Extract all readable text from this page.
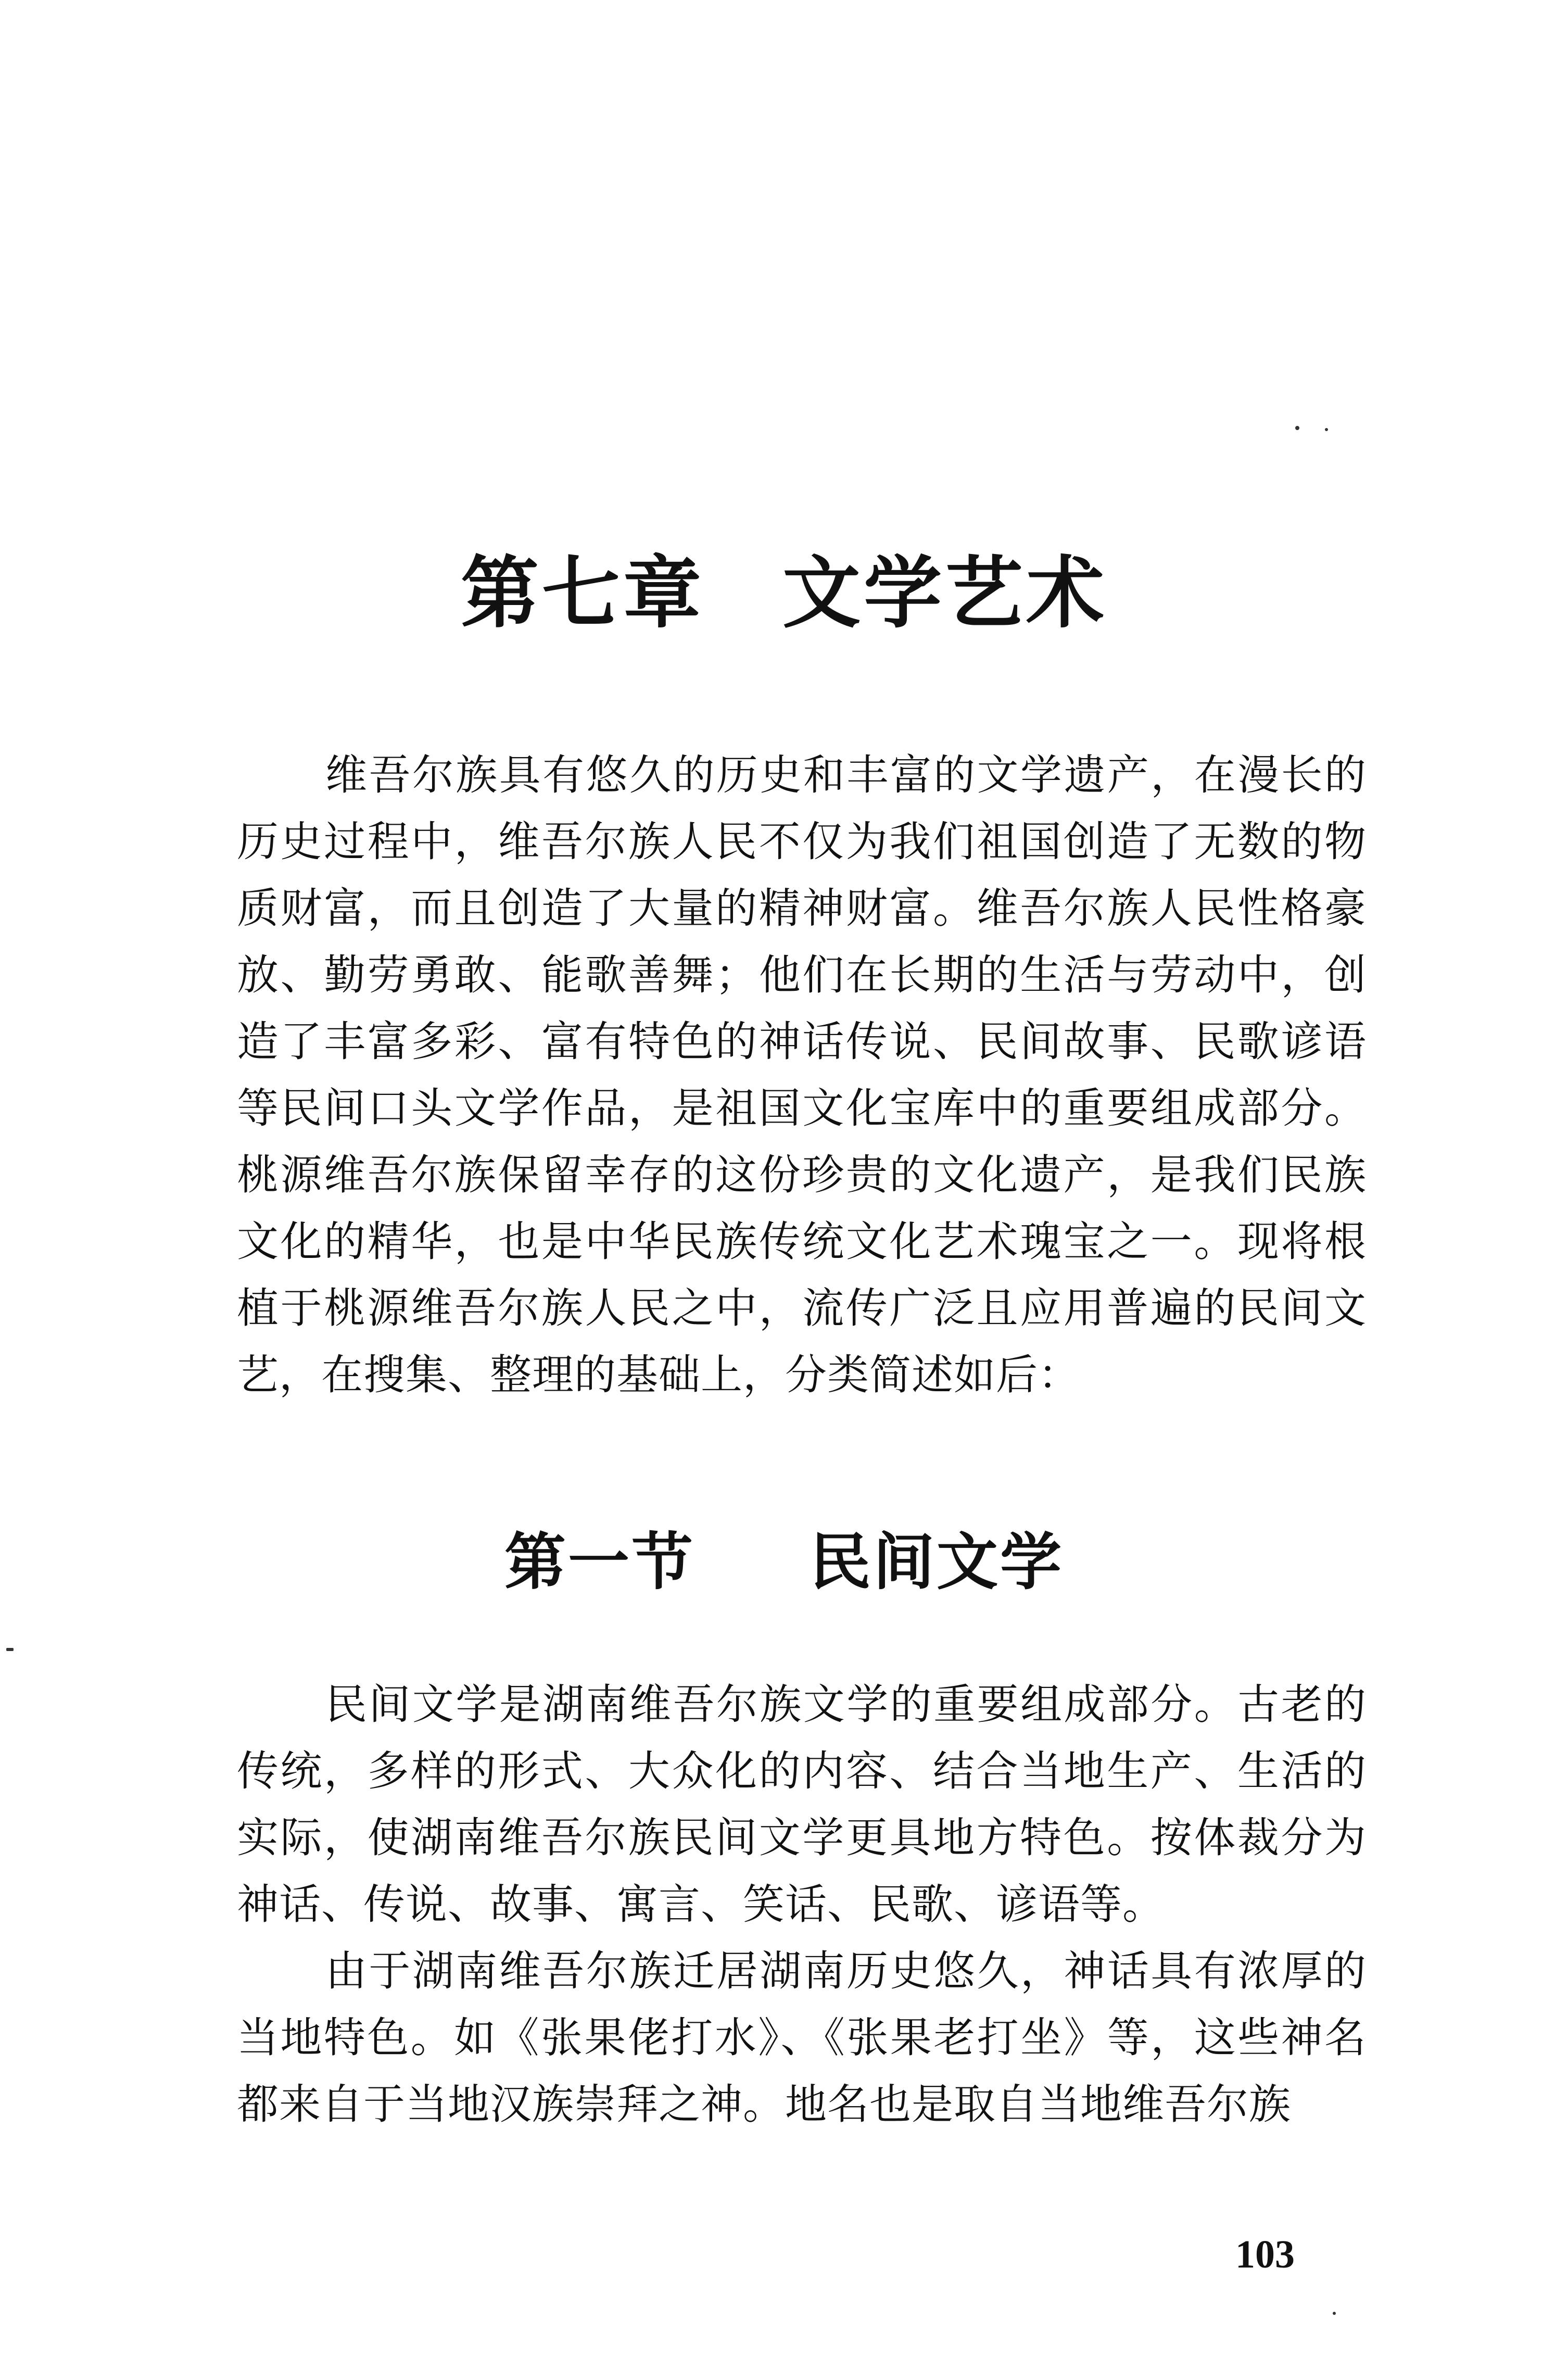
第七章 文学艺术

维吾尔族具有悠久的历史和丰富的文学遗产，在漫长的历史过程中，维吾尔族人民不仅为我们祖国创造了无数的物质财富，而且创造了大量的精神财富。维吾尔族人民性格豪放、勤劳勇敢、能歌善舞；他们在长期的生活与劳动中，创造了丰富多彩、富有特色的神话传说、民间故事、民歌谚语等民间口头文学作品，是祖国文化宝库中的重要组成部分。桃源维吾尔族保留幸存的这份珍贵的文化遗产，是我们民族文化的精华，也是中华民族传统文化艺术瑰宝之一。现将根植于桃源维吾尔族人民之中，流传广泛且应用普遍的民间文艺，在搜集、整理的基础上，分类简述如后：

第一节 民间文学

民间文学是湖南维吾尔族文学的重要组成部分。古老的传统，多样的形式、大众化的内容、结合当地生产、生活的实际，使湖南维吾尔族民间文学更具地方特色。按体裁分为神话、传说、故事、寓言、笑话、民歌、谚语等。

由于湖南维吾尔族迁居湖南历史悠久，神话具有浓厚的当地特色。如《张果佬打水》、《张果老打坐》等，这些神名都来自于当地汉族崇拜之神。地名也是取自当地维吾尔族

103
